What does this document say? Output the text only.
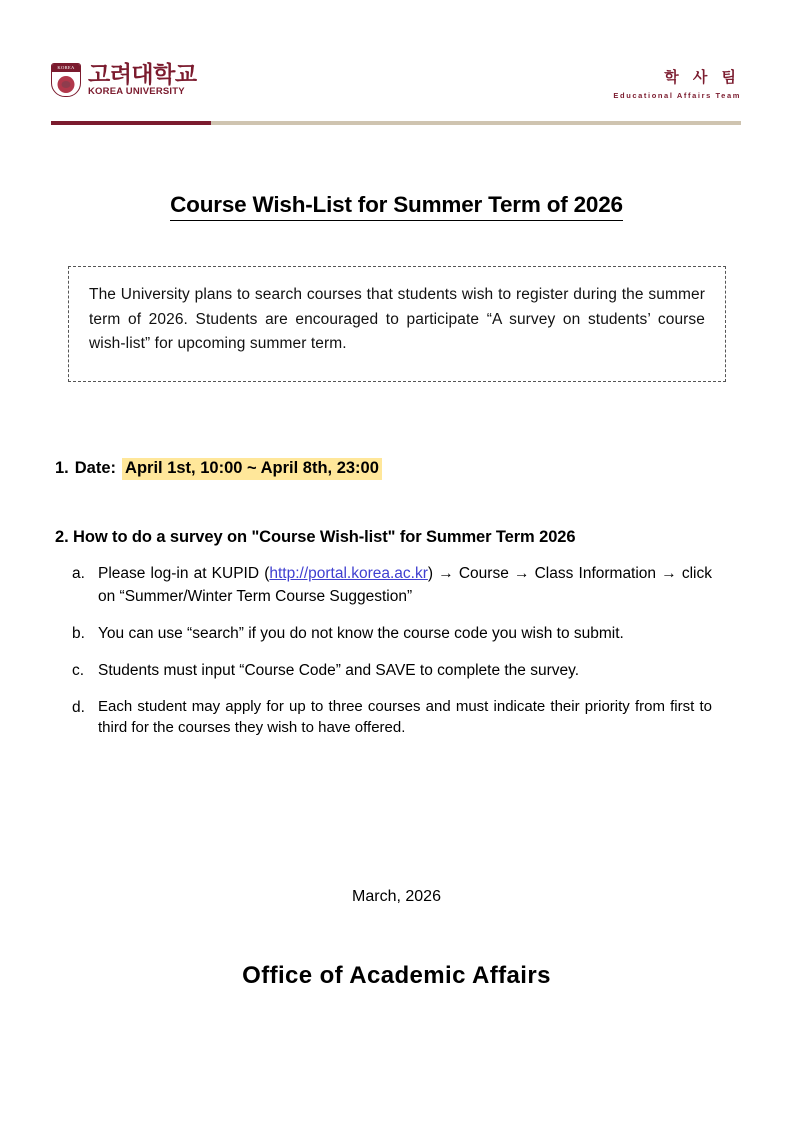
KOREA 고려대학교
KOREA UNIVERSITY
학 사 팀
Educational Affairs Team
Course Wish-List for Summer Term of 2026
The University plans to search courses that students wish to register during the summer term of 2026. Students are encouraged to participate “A survey on students’ course wish-list” for upcoming summer term.
1. Date: April 1st, 10:00 ~ April 8th, 23:00
2. How to do a survey on "Course Wish-list" for Summer Term 2026
a. Please log-in at KUPID (http://portal.korea.ac.kr) → Course → Class Information → click on “Summer/Winter Term Course Suggestion”
b. You can use “search” if you do not know the course code you wish to submit.
c. Students must input “Course Code” and SAVE to complete the survey.
d. Each student may apply for up to three courses and must indicate their priority from first to third for the courses they wish to have offered.
March, 2026
Office of Academic Affairs
